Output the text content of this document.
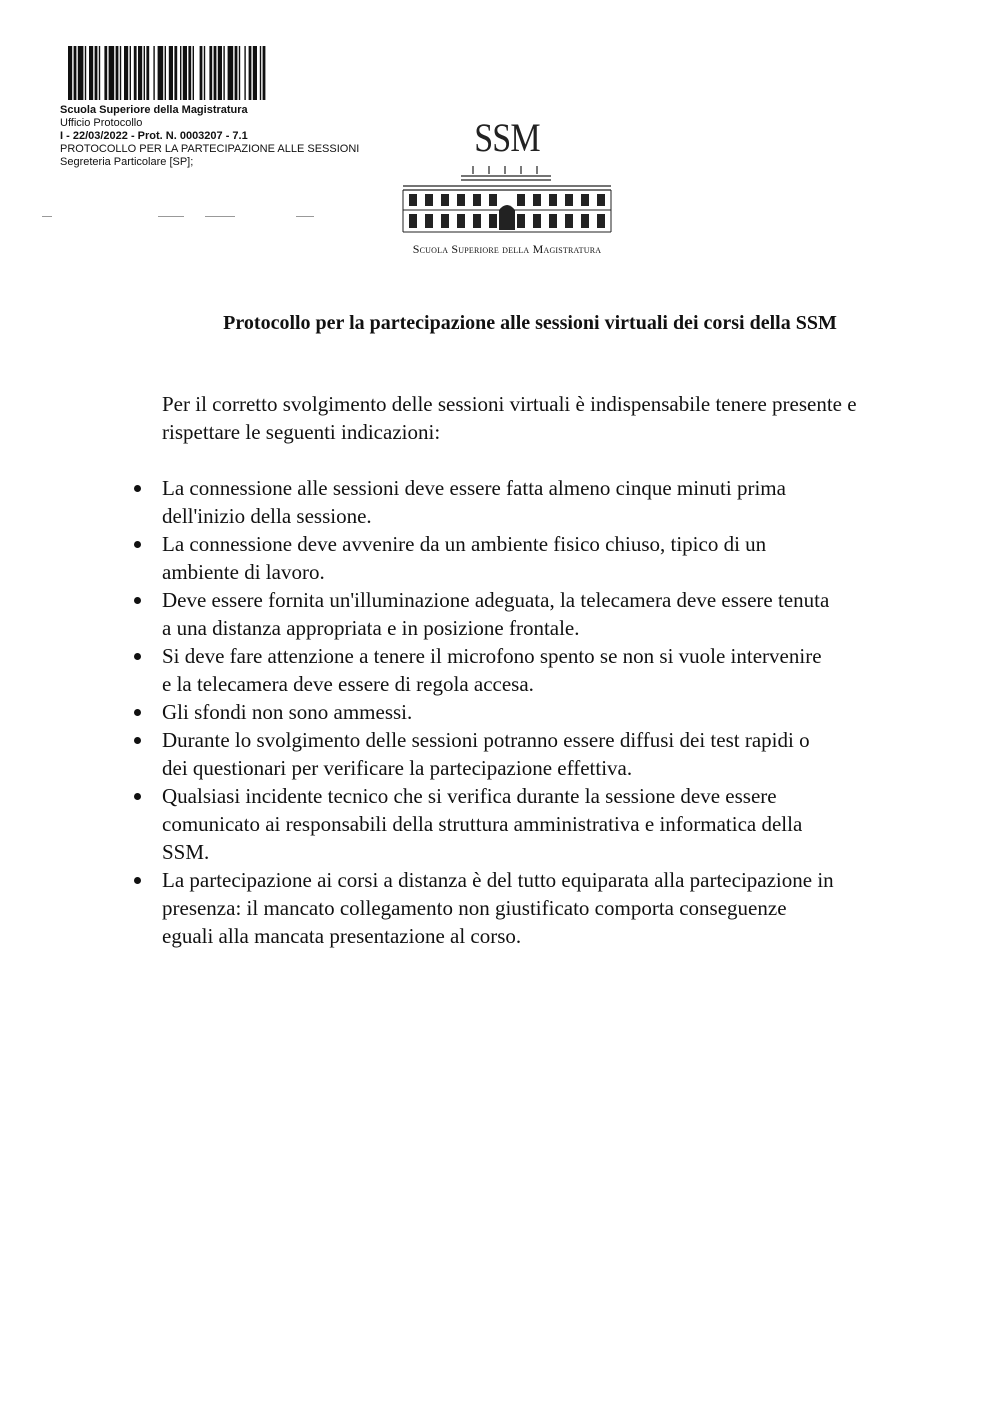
Scuola Superiore della Magistratura
Ufficio Protocollo
I - 22/03/2022 - Prot. N. 0003207 - 7.1
PROTOCOLLO PER LA PARTECIPAZIONE ALLE SESSIONI
Segreteria Particolare [SP];
SSM
Scuola Superiore della Magistratura
Protocollo per la partecipazione alle sessioni virtuali dei corsi della SSM
Per il corretto svolgimento delle sessioni virtuali è indispensabile tenere presente e rispettare le seguenti indicazioni:
La connessione alle sessioni deve essere fatta almeno cinque minuti prima
dell'inizio della sessione.
La connessione deve avvenire da un ambiente fisico chiuso, tipico di un
ambiente di lavoro.
Deve essere fornita un'illuminazione adeguata, la telecamera deve essere tenuta
a una distanza appropriata e in posizione frontale.
Si deve fare attenzione a tenere il microfono spento se non si vuole intervenire
e la telecamera deve essere di regola accesa.
Gli sfondi non sono ammessi.
Durante lo svolgimento delle sessioni potranno essere diffusi dei test rapidi o
dei questionari per verificare la partecipazione effettiva.
Qualsiasi incidente tecnico che si verifica durante la sessione deve essere
comunicato ai responsabili della struttura amministrativa e informatica della
SSM.
La partecipazione ai corsi a distanza è del tutto equiparata alla partecipazione in
presenza: il mancato collegamento non giustificato comporta conseguenze
eguali alla mancata presentazione al corso.
